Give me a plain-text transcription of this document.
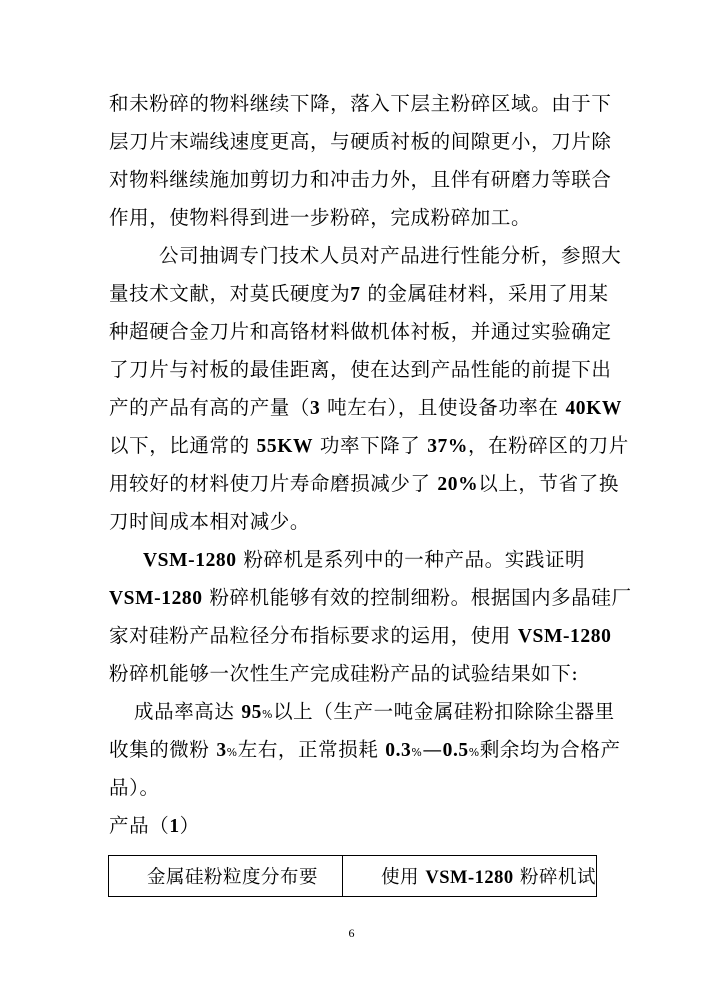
和未粉碎的物料继续下降，落入下层主粉碎区域。由于下
层刀片末端线速度更高，与硬质衬板的间隙更小，刀片除
对物料继续施加剪切力和冲击力外，且伴有研磨力等联合
作用，使物料得到进一步粉碎，完成粉碎加工。
公司抽调专门技术人员对产品进行性能分析，参照大
量技术文献，对莫氏硬度为7 的金属硅材料，采用了用某
种超硬合金刀片和高铬材料做机体衬板，并通过实验确定
了刀片与衬板的最佳距离，使在达到产品性能的前提下出
产的产品有高的产量（3 吨左右），且使设备功率在 40KW
以下，比通常的 55KW 功率下降了 37%，在粉碎区的刀片
用较好的材料使刀片寿命磨损减少了 20%以上，节省了换
刀时间成本相对减少。
VSM-1280 粉碎机是系列中的一种产品。实践证明
VSM-1280 粉碎机能够有效的控制细粉。根据国内多晶硅厂
家对硅粉产品粒径分布指标要求的运用，使用 VSM-1280
粉碎机能够一次性生产完成硅粉产品的试验结果如下:
成品率高达 95%以上（生产一吨金属硅粉扣除除尘器里
收集的微粉 3%左右，正常损耗 0.3%—0.5%剩余均为合格产
品）。
产品（1）
金属硅粉粒度分布要	使用 VSM-1280 粉碎机试
6
